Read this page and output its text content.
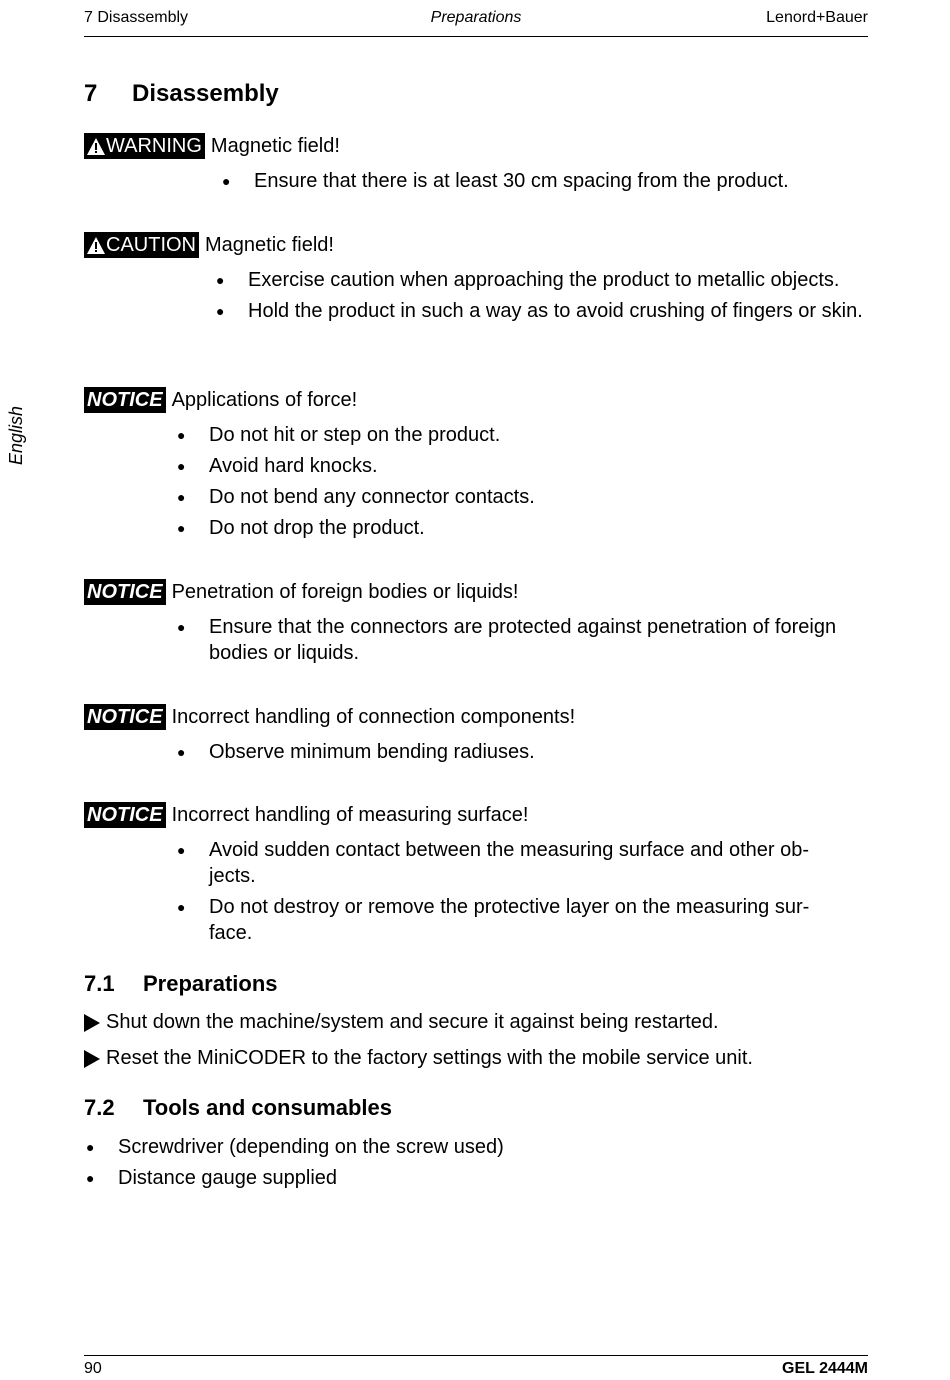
7 Disassembly	Preparations	Lenord+Bauer
English
7 Disassembly
WARNING Magnetic field!
● Ensure that there is at least 30 cm spacing from the product.
CAUTION Magnetic field!
● Exercise caution when approaching the product to metallic objects.
● Hold the product in such a way as to avoid crushing of fingers or skin.
NOTICE Applications of force!
● Do not hit or step on the product.
● Avoid hard knocks.
● Do not bend any connector contacts.
● Do not drop the product.
NOTICE Penetration of foreign bodies or liquids!
● Ensure that the connectors are protected against penetration of foreign bodies or liquids.
NOTICE Incorrect handling of connection components!
● Observe minimum bending radiuses.
NOTICE Incorrect handling of measuring surface!
● Avoid sudden contact between the measuring surface and other ob-jects.
● Do not destroy or remove the protective layer on the measuring sur-face.
7.1 Preparations
Shut down the machine/system and secure it against being restarted.
Reset the MiniCODER to the factory settings with the mobile service unit.
7.2 Tools and consumables
● Screwdriver (depending on the screw used)
● Distance gauge supplied
90	GEL 2444M
